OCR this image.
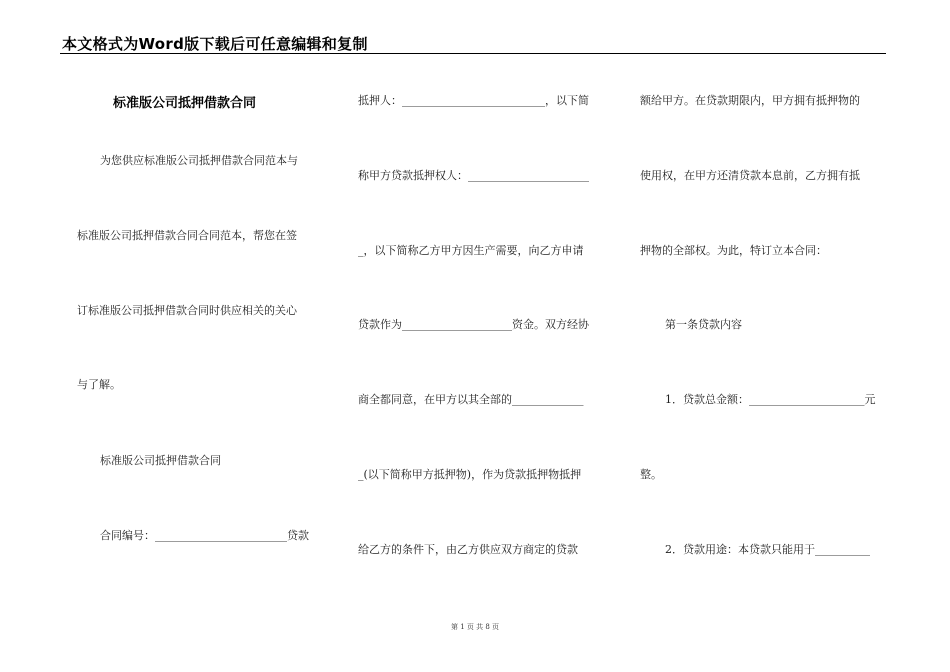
本文格式为Word版下载后可任意编辑和复制
标准版公司抵押借款合同
为您供应标准版公司抵押借款合同范本与
标准版公司抵押借款合同合同范本，帮您在签
订标准版公司抵押借款合同时供应相关的关心
与了解。
标准版公司抵押借款合同
合同编号：________________________贷款
抵押人：__________________________，以下简
称甲方贷款抵押权人：______________________
_，以下简称乙方甲方因生产需要，向乙方申请
贷款作为____________________资金。双方经协
商全都同意，在甲方以其全部的_____________
_(以下简称甲方抵押物)，作为贷款抵押物抵押
给乙方的条件下，由乙方供应双方商定的贷款
额给甲方。在贷款期限内，甲方拥有抵押物的
使用权，在甲方还清贷款本息前，乙方拥有抵
押物的全部权。为此，特订立本合同：
第一条贷款内容
1．贷款总金额：_____________________元
整。
2．贷款用途：本贷款只能用于__________
第 1 页 共 8 页
